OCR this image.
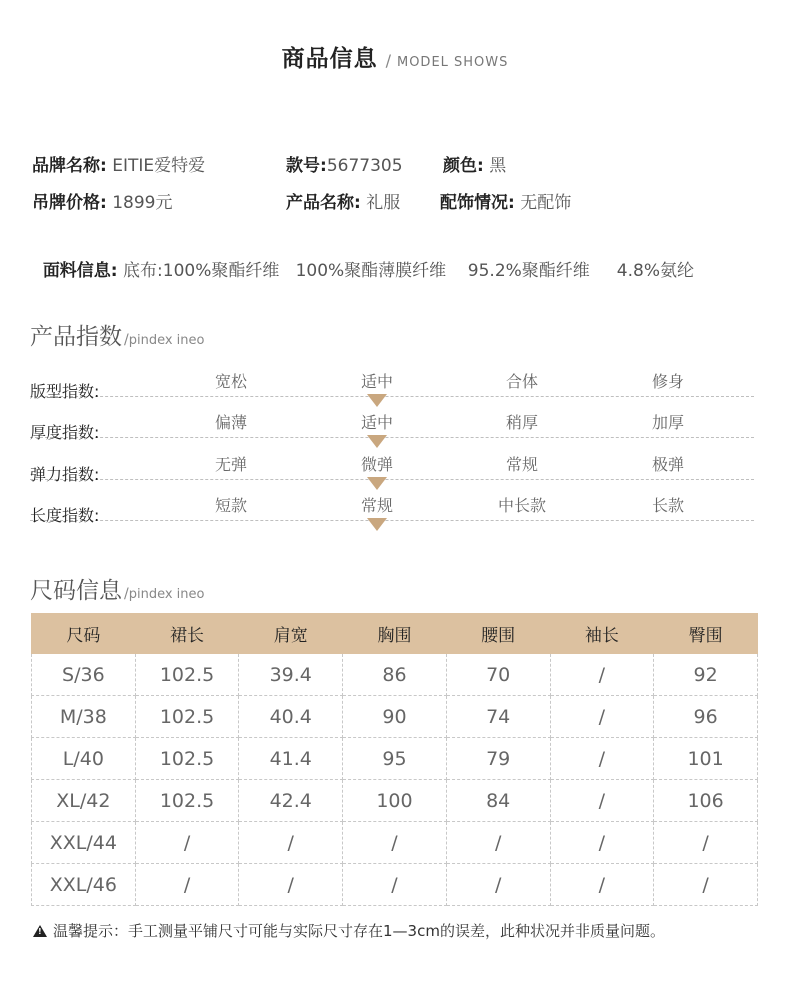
商品信息 / MODEL SHOWS
品牌名称: EITIE爱特爱	款号:5677305 颜色: 黑
吊牌价格: 1899元	产品名称: 礼服 配饰情况: 无配饰

面料信息: 底布:100%聚酯纤维   100%聚酯薄膜纤维    95.2%聚酯纤维     4.8%氨纶

产品指数 /pindex ineo
版型指数:
宽松	适中	合体	修身
厚度指数:
偏薄	适中	稍厚	加厚
弹力指数:
无弹	微弹	常规	极弹
长度指数:
短款	常规	中长款	长款
尺码信息 /pindex ineo
尺码	裙长	肩宽	胸围	腰围	袖长	臀围
S/36	102.5	39.4	86	70	/	92
M/38	102.5	40.4	90	74	/	96
L/40	102.5	41.4	95	79	/	101
XL/42	102.5	42.4	100	84	/	106
XXL/44	/	/	/	/	/	/
XXL/46	/	/	/	/	/	/
!温馨提示：手工测量平铺尺寸可能与实际尺寸存在1—3cm的误差，此种状况并非质量问题。
